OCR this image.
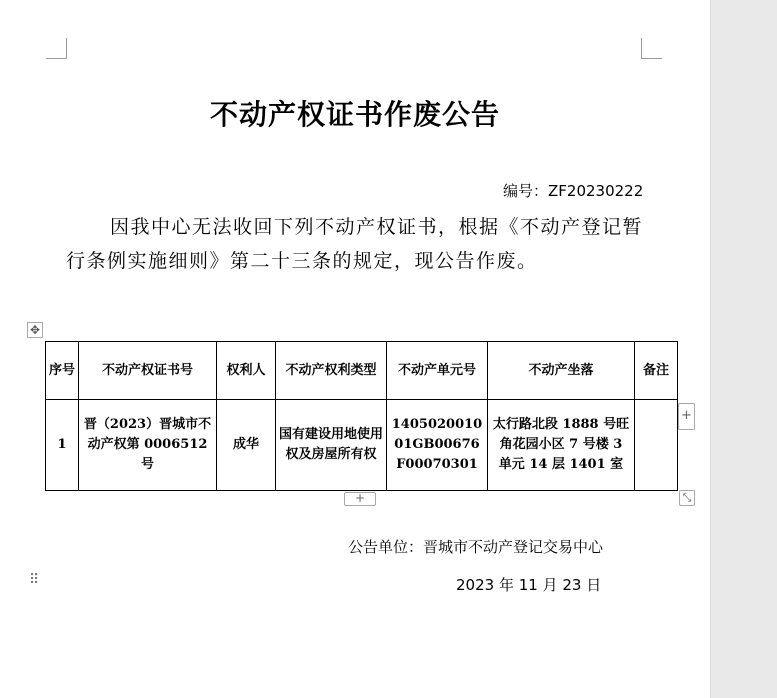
不动产权证书作废公告
编号：ZF20230222
因我中心无法收回下列不动产权证书，根据《不动产登记暂行条例实施细则》第二十三条的规定，现公告作废。
✥
序号	不动产权证书号	权利人	不动产权利类型	不动产单元号	不动产坐落	备注
1	晋（2023）晋城市不动产权第 0006512 号	成华	国有建设用地使用权及房屋所有权	140502001001GB00676F00070301	太行路北段 1888 号旺角花园小区 7 号楼 3 单元 14 层 1401 室	
+
+	⤡
⠿
公告单位：晋城市不动产登记交易中心
2023 年 11 月 23 日
